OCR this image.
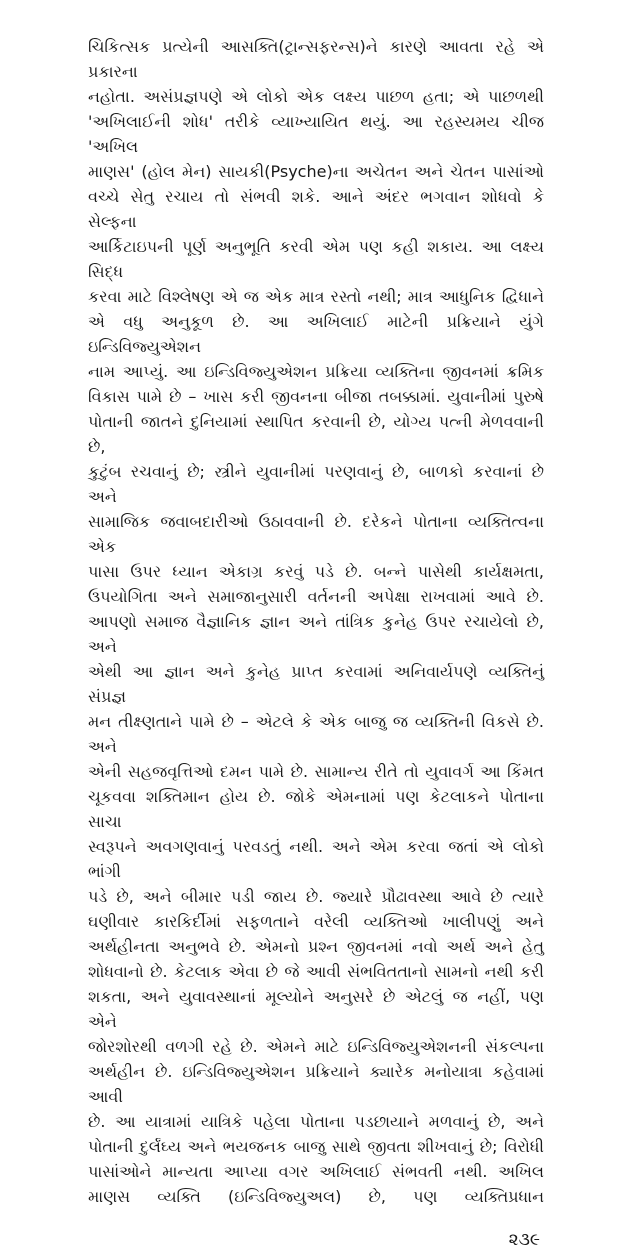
ચિકિત્સક પ્રત્યેની આસક્તિ(ટ્રાન્સફરન્સ)ને કારણે આવતા રહે એ પ્રકારના
નહોતા. અસંપ્રજ્ઞપણે એ લોકો એક લક્ષ્ય પાછળ હતા; એ પાછળથી
'અખિલાઈની શોધ' તરીકે વ્યાખ્યાયિત થયું. આ રહસ્યમય ચીજ 'અખિલ
માણસ' (હોલ મેન) સાયકી(Psyche)ના અચેતન અને ચેતન પાસાંઓ
વચ્ચે સેતુ રચાય તો સંભવી શકે. આને અંદર ભગવાન શોધવો કે સેલ્ફના
આર્કિટાઇપની પૂર્ણ અનુભૂતિ કરવી એમ પણ કહી શકાય. આ લક્ષ્ય સિદ્ધ
કરવા માટે વિશ્લેષણ એ જ એક માત્ર રસ્તો નથી; માત્ર આધુનિક દ્વિધાને
એ વધુ અનુકૂળ છે. આ અખિલાઈ માટેની પ્રક્રિયાને યુંગે ઇન્ડિવિજ્યુએશન
નામ આપ્યું. આ ઇન્ડિવિજ્યુએશન પ્રક્રિયા વ્યક્તિના જીવનમાં ક્રમિક
વિકાસ પામે છે – ખાસ કરી જીવનના બીજા તબક્કામાં. યુવાનીમાં પુરુષે
પોતાની જાતને દુનિયામાં સ્થાપિત કરવાની છે, યોગ્ય પત્ની મેળવવાની છે,
કુટુંબ રચવાનું છે; સ્ત્રીને યુવાનીમાં પરણવાનું છે, બાળકો કરવાનાં છે અને
સામાજિક જવાબદારીઓ ઉઠાવવાની છે. દરેકને પોતાના વ્યક્તિત્વના એક
પાસા ઉપર ધ્યાન એકાગ્ર કરવું પડે છે. બન્ને પાસેથી કાર્યક્ષમતા,
ઉપયોગિતા અને સમાજાનુસારી વર્તનની અપેક્ષા રાખવામાં આવે છે.
આપણો સમાજ વૈજ્ઞાનિક જ્ઞાન અને તાંત્રિક કુનેહ ઉપર રચાયેલો છે, અને
એથી આ જ્ઞાન અને કુનેહ પ્રાપ્ત કરવામાં અનિવાર્યપણે વ્યક્તિનું સંપ્રજ્ઞ
મન તીક્ષ્ણતાને પામે છે – એટલે કે એક બાજુ જ વ્યક્તિની વિકસે છે. અને
એની સહજવૃત્તિઓ દમન પામે છે. સામાન્ય રીતે તો યુવાવર્ગ આ કિંમત
ચૂકવવા શક્તિમાન હોય છે. જોકે એમનામાં પણ કેટલાકને પોતાના સાચા
સ્વરૂપને અવગણવાનું પરવડતું નથી. અને એમ કરવા જતાં એ લોકો ભાંગી
પડે છે, અને બીમાર પડી જાય છે. જ્યારે પ્રૌઢાવસ્થા આવે છે ત્યારે
ઘણીવાર કારકિર્દીમાં સફળતાને વરેલી વ્યક્તિઓ ખાલીપણું અને
અર્થહીનતા અનુભવે છે. એમનો પ્રશ્ન જીવનમાં નવો અર્થ અને હેતુ
શોધવાનો છે. કેટલાક એવા છે જે આવી સંભવિતતાનો સામનો નથી કરી
શકતા, અને યુવાવસ્થાનાં મૂલ્યોને અનુસરે છે એટલું જ નહીં, પણ એને
જોરશોરથી વળગી રહે છે. એમને માટે ઇન્ડિવિજ્યુએશનની સંકલ્પના
અર્થહીન છે. ઇન્ડિવિજ્યુએશન પ્રક્રિયાને ક્યારેક મનોયાત્રા કહેવામાં આવી
છે. આ યાત્રામાં યાત્રિકે પહેલા પોતાના પડછાયાને મળવાનું છે, અને
પોતાની દુર્લંઘ્ય અને ભયજનક બાજુ સાથે જીવતા શીખવાનું છે; વિરોધી
પાસાંઓને માન્યતા આપ્યા વગર અખિલાઈ સંભવતી નથી. અખિલ
માણસ વ્યક્તિ (ઇન્ડિવિજ્યુઅલ) છે, પણ વ્યક્તિપ્રધાન
૨૩૯
